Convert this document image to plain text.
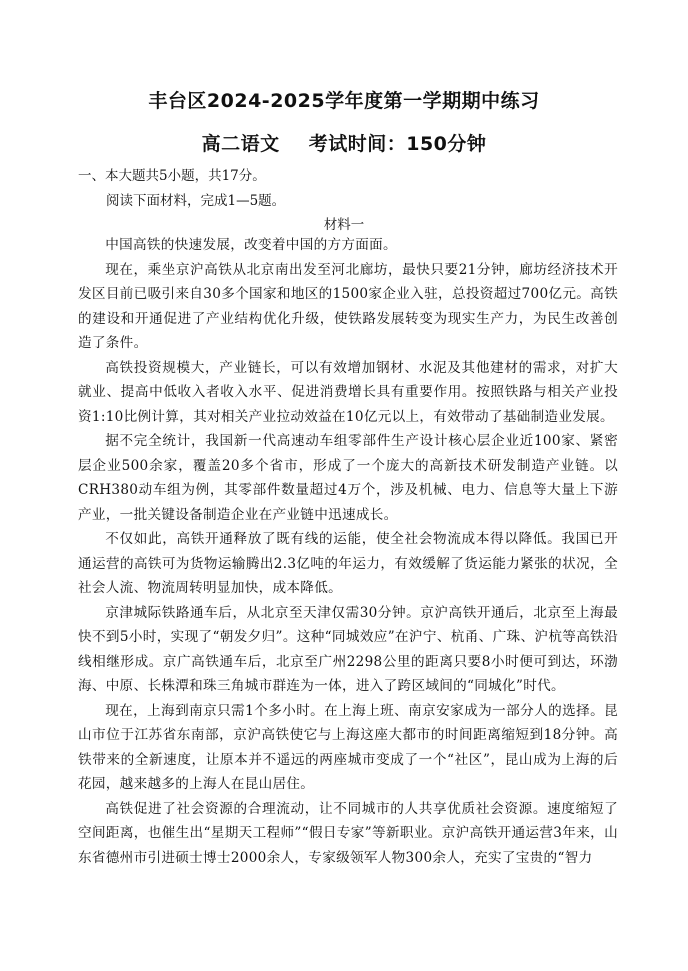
丰台区2024-2025学年度第一学期期中练习
高二语文 考试时间：150分钟
一、本大题共5小题，共17分。
阅读下面材料，完成1—5题。
材料一

中国高铁的快速发展，改变着中国的方方面面。

现在，乘坐京沪高铁从北京南出发至河北廊坊，最快只要21分钟，廊坊经济技术开发区目前已吸引来自30多个国家和地区的1500家企业入驻，总投资超过700亿元。高铁的建设和开通促进了产业结构优化升级，使铁路发展转变为现实生产力，为民生改善创造了条件。

高铁投资规模大，产业链长，可以有效增加钢材、水泥及其他建材的需求，对扩大就业、提高中低收入者收入水平、促进消费增长具有重要作用。按照铁路与相关产业投资1:10比例计算，其对相关产业拉动效益在10亿元以上，有效带动了基础制造业发展。

据不完全统计，我国新一代高速动车组零部件生产设计核心层企业近100家、紧密层企业500余家，覆盖20多个省市，形成了一个庞大的高新技术研发制造产业链。以CRH380动车组为例，其零部件数量超过4万个，涉及机械、电力、信息等大量上下游产业，一批关键设备制造企业在产业链中迅速成长。

不仅如此，高铁开通释放了既有线的运能，使全社会物流成本得以降低。我国已开通运营的高铁可为货物运输腾出2.3亿吨的年运力，有效缓解了货运能力紧张的状况，全社会人流、物流周转明显加快，成本降低。

京津城际铁路通车后，从北京至天津仅需30分钟。京沪高铁开通后，北京至上海最快不到5小时，实现了“朝发夕归”。这种“同城效应”在沪宁、杭甬、广珠、沪杭等高铁沿线相继形成。京广高铁通车后，北京至广州2298公里的距离只要8小时便可到达，环渤海、中原、长株潭和珠三角城市群连为一体，进入了跨区域间的“同城化”时代。

现在，上海到南京只需1个多小时。在上海上班、南京安家成为一部分人的选择。昆山市位于江苏省东南部，京沪高铁使它与上海这座大都市的时间距离缩短到18分钟。高铁带来的全新速度，让原本并不遥远的两座城市变成了一个“社区”，昆山成为上海的后花园，越来越多的上海人在昆山居住。

高铁促进了社会资源的合理流动，让不同城市的人共享优质社会资源。速度缩短了空间距离，也催生出“星期天工程师”“假日专家”等新职业。京沪高铁开通运营3年来，山东省德州市引进硕士博士2000余人，专家级领军人物300余人，充实了宝贵的“智力
